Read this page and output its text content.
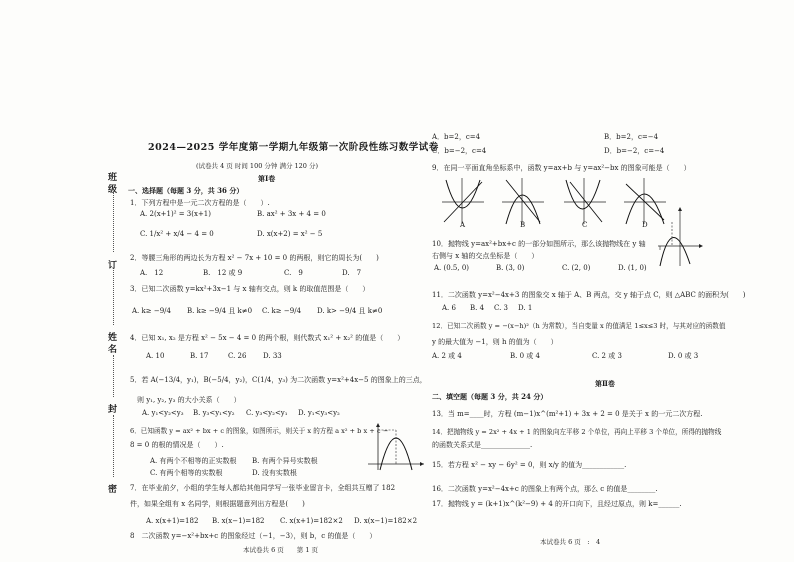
班
级
订
姓
名
封
密
2024—2025 学年度第一学期九年级第一次阶段性练习数学试卷
(试卷共 4 页 时间 100 分钟 满分 120 分)
第Ⅰ卷
一、选择题（每题 3 分，共 36 分）
1．下列方程中是一元二次方程的是（　　）.
A. 2(x+1)² = 3(x+1)	B. ax² + 3x + 4 = 0
C. 1/x² + x/4 − 4 = 0	D. x(x+2) = x² − 5
2．等腰三角形的两边长为方程 x² − 7x + 10 = 0 的两根，则它的周长为(　　)
A.　12	B.　12 或 9	C.　9	D.　7
3．已知二次函数 y=kx²+3x−1 与 x 轴有交点，则 k 的取值范围是（　　）
A. k≥ −9/4 B. k≥ −9/4 且 k≠0 C. k≥ −9/4 D. k> −9/4 且 k≠0
4．已知 x₁, x₂ 是方程 x² − 5x − 4 = 0 的两个根，则代数式 x₁² + x₂² 的值是（　　）
A. 10	B. 17	C. 26 D. 33
5．若 A(−13/4，y₁)，B(−5/4，y₂)，C(1/4，y₃) 为二次函数 y=x²+4x−5 的图象上的三点，
则 y₁, y₂, y₃ 的大小关系（　　）
A. y₁<y₂<y₃ B. y₃<y₁<y₂ C. y₃<y₂<y₁ D. y₁<y₃<y₂
6．已知函数 y = ax² + bx + c 的图象，如图所示，则关于 x 的方程 a x² + b x + c −
8 = 0 的根的情况是（　　）.
A. 有两个不相等的正实数根 B. 有两个异号实数根
C. 有两个相等的实数根	D. 没有实数根
7．在毕业前夕，小组的学生每人都给其他同学写一张毕业留言卡，全组共互赠了 182
件，如果全组有 x 名同学，则根据题意列出方程是(　　)
A. x(x+1)=182 B. x(x−1)=182 C. x(x+1)=182×2 D. x(x−1)=182×2
8　二次函数 y=−x²+bx+c 的图象经过（−1，−3），则 b，c 的值是（　　）
本试卷共 6 页　　第 1 页
A．b=2，c=4	B．b=2，c=−4
C．b=−2，c=4	D．b=−2，c=−4
9．在同一平面直角坐标系中，函数 y=ax+b 与 y=ax²−bx 的图象可能是（　　）
A	B	C	D
10．抛物线 y=ax²+bx+c 的一部分如图所示，那么该抛物线在 y 轴
右侧与 x 轴的交点坐标是（　　）
A. (0.5, 0)	B. (3, 0)	C. (2, 0)	D. (1, 0)
11．二次函数 y=x²−4x+3 的图象交 x 轴于 A、B 两点，交 y 轴于点 C，则 △ABC 的面积为(　　)
A. 6 B. 4 C. 3 D. 1
12．已知二次函数 y = −(x−h)²（h 为常数），当自变量 x 的值满足 1≤x≤3 时，与其对应的函数值
y 的最大值为 −1，则 h 的值为（　　）
A. 2 或 4	B. 0 或 4	C. 2 或 3	D. 0 或 3
第Ⅱ卷
二、填空题（每题 3 分，共 24 分）
13．当 m=____时，方程 (m−1)x^(m²+1) + 3x + 2 = 0 是关于 x 的一元二次方程.
14．把抛物线 y = 2x² + 4x + 1 的图象向左平移 2 个单位，再向上平移 3 个单位，所得的抛物线
的函数关系式是______________.
15．若方程 x² − xy − 6y² = 0，则 x/y 的值为____________.
16．二次函数 y=x²−4x+c 的图象上有两个点，那么 c 的值是________.
17．抛物线 y = (k+1)x^(k²−9) + 4 的开口向下，且经过原点，则 k=______.
本试卷共 6 页　:　4
